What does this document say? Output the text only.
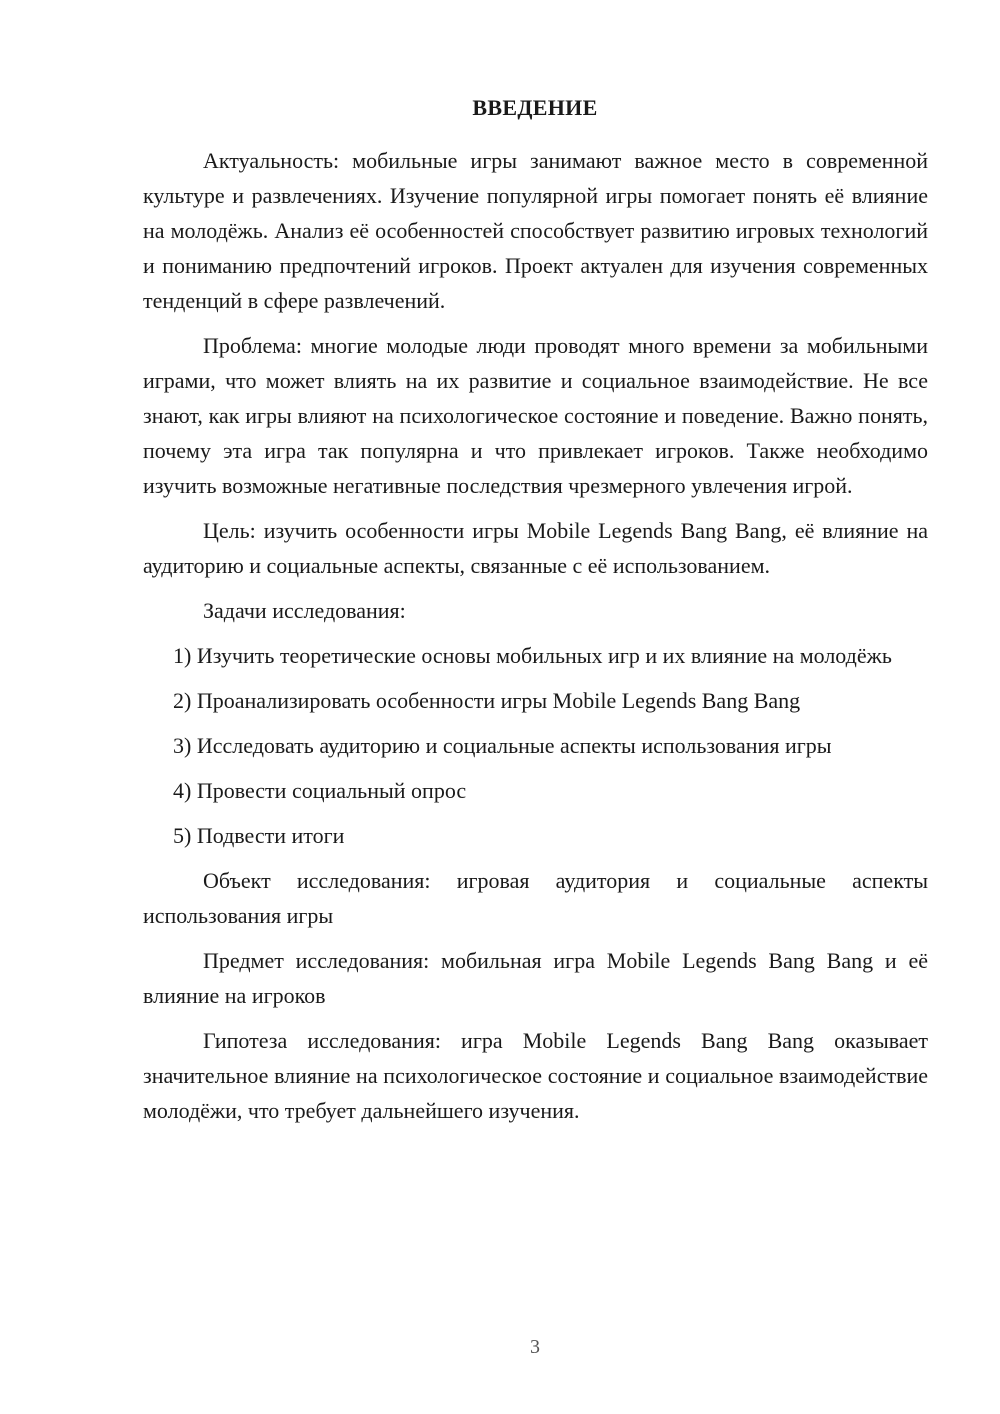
ВВЕДЕНИЕ

Актуальность: мобильные игры занимают важное место в современной культуре и развлечениях. Изучение популярной игры помогает понять её влияние на молодёжь. Анализ её особенностей способствует развитию игровых технологий и пониманию предпочтений игроков. Проект актуален для изучения современных тенденций в сфере развлечений.

Проблема: многие молодые люди проводят много времени за мобильными играми, что может влиять на их развитие и социальное взаимодействие. Не все знают, как игры влияют на психологическое состояние и поведение. Важно понять, почему эта игра так популярна и что привлекает игроков. Также необходимо изучить возможные негативные последствия чрезмерного увлечения игрой.

Цель: изучить особенности игры Mobile Legends Bang Bang, её влияние на аудиторию и социальные аспекты, связанные с её использованием.

Задачи исследования:

1) Изучить теоретические основы мобильных игр и их влияние на молодёжь
2) Проанализировать особенности игры Mobile Legends Bang Bang
3) Исследовать аудиторию и социальные аспекты использования игры
4) Провести социальный опрос
5) Подвести итоги

Объект исследования: игровая аудитория и социальные аспекты использования игры

Предмет исследования: мобильная игра Mobile Legends Bang Bang и её влияние на игроков

Гипотеза исследования: игра Mobile Legends Bang Bang оказывает значительное влияние на психологическое состояние и социальное взаимодействие молодёжи, что требует дальнейшего изучения.

3
